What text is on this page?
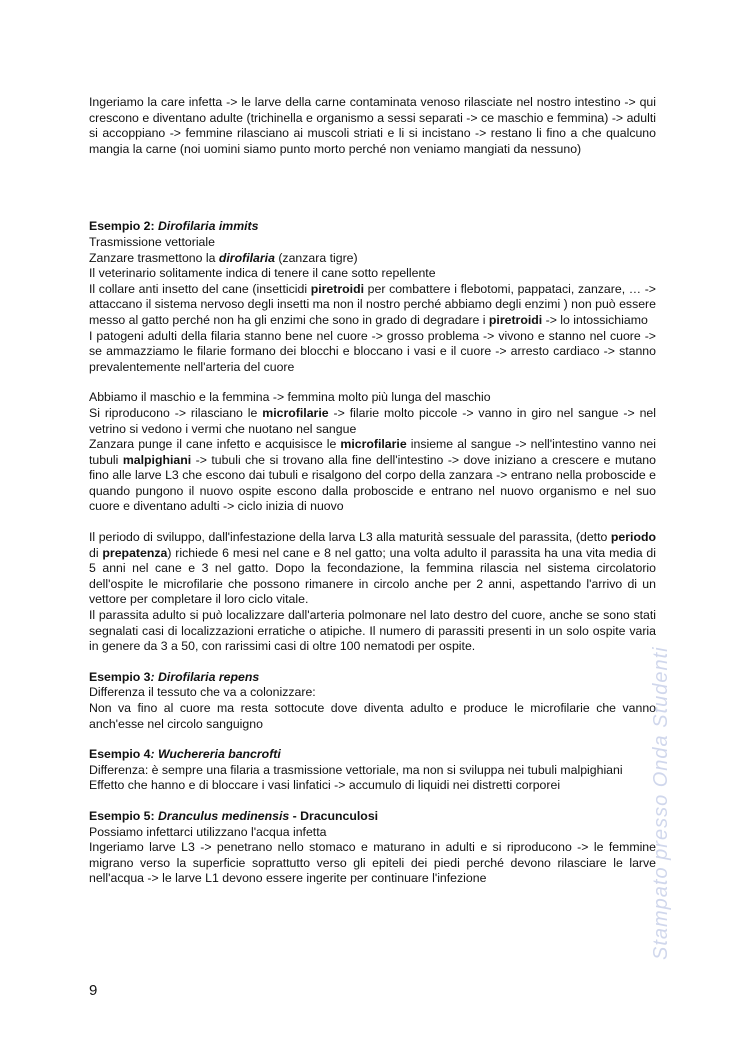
Ingeriamo la care infetta -> le larve della carne contaminata venoso rilasciate nel nostro intestino -> qui crescono e diventano adulte (trichinella e organismo a sessi separati -> ce maschio e femmina) -> adulti si accoppiano -> femmine rilasciano ai muscoli striati e li si incistano -> restano li fino a che qualcuno mangia la carne (noi uomini siamo punto morto perché non veniamo mangiati da nessuno)

Esempio 2: Dirofilaria immits

Trasmissione vettoriale

Zanzare trasmettono la dirofilaria (zanzara tigre)

Il veterinario solitamente indica di tenere il cane sotto repellente

Il collare anti insetto del cane (insetticidi piretroidi per combattere i flebotomi, pappataci, zanzare, … -> attaccano il sistema nervoso degli insetti ma non il nostro perché abbiamo degli enzimi ) non può essere messo al gatto perché non ha gli enzimi che sono in grado di degradare i piretroidi -> lo intossichiamo

I patogeni adulti della filaria stanno bene nel cuore -> grosso problema -> vivono e stanno nel cuore -> se ammazziamo le filarie formano dei blocchi e bloccano i vasi e il cuore -> arresto cardiaco -> stanno prevalentemente nell'arteria del cuore

Abbiamo il maschio e la femmina -> femmina molto più lunga del maschio

Si riproducono -> rilasciano le microfilarie -> filarie molto piccole -> vanno in giro nel sangue -> nel vetrino si vedono i vermi che nuotano nel sangue

Zanzara punge il cane infetto e acquisisce le microfilarie insieme al sangue -> nell'intestino vanno nei tubuli malpighiani -> tubuli che si trovano alla fine dell'intestino -> dove iniziano a crescere e mutano fino alle larve L3 che escono dai tubuli e risalgono del corpo della zanzara -> entrano nella proboscide e quando pungono il nuovo ospite escono dalla proboscide e entrano nel nuovo organismo e nel suo cuore e diventano adulti -> ciclo inizia di nuovo

Il periodo di sviluppo, dall'infestazione della larva L3 alla maturità sessuale del parassita, (detto periodo di prepatenza) richiede 6 mesi nel cane e 8 nel gatto; una volta adulto il parassita ha una vita media di 5 anni nel cane e 3 nel gatto. Dopo la fecondazione, la femmina rilascia nel sistema circolatorio dell'ospite le microfilarie che possono rimanere in circolo anche per 2 anni, aspettando l'arrivo di un vettore per completare il loro ciclo vitale.

Il parassita adulto si può localizzare dall'arteria polmonare nel lato destro del cuore, anche se sono stati segnalati casi di localizzazioni erratiche o atipiche. Il numero di parassiti presenti in un solo ospite varia in genere da 3 a 50, con rarissimi casi di oltre 100 nematodi per ospite.

Esempio 3: Dirofilaria repens

Differenza il tessuto che va a colonizzare:

Non va fino al cuore ma resta sottocute dove diventa adulto e produce le microfilarie che vanno anch'esse nel circolo sanguigno

Esempio 4: Wuchereria bancrofti

Differenza: è sempre una filaria a trasmissione vettoriale, ma non si sviluppa nei tubuli malpighiani

Effetto che hanno e di bloccare i vasi linfatici -> accumulo di liquidi nei distretti corporei

Esempio 5: Dranculus medinensis - Dracunculosi

Possiamo infettarci utilizzano l'acqua infetta

Ingeriamo larve L3 -> penetrano nello stomaco e maturano in adulti e si riproducono -> le femmine migrano verso la superficie soprattutto verso gli epiteli dei piedi perché devono rilasciare le larve nell'acqua -> le larve L1 devono essere ingerite per continuare l'infezione	Stampato presso Onda Studenti
9
